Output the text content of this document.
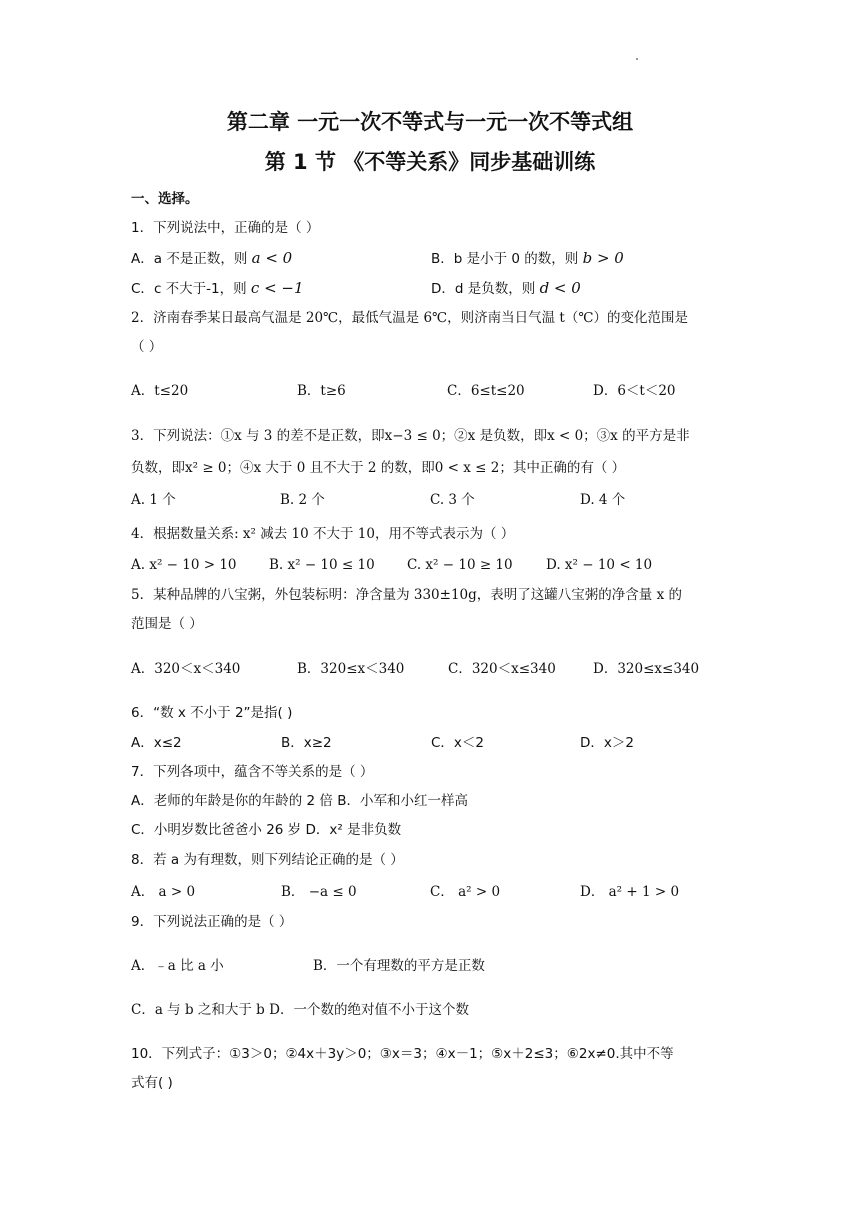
第二章 一元一次不等式与一元一次不等式组
第 1 节 《不等关系》同步基础训练
一、选择。
1．下列说法中，正确的是（ ）
A．a 不是正数，则 a < 0	B．b 是小于 0 的数，则 b > 0
C．c 不大于-1，则 c < −1	D．d 是负数，则 d < 0
2．济南春季某日最高气温是 20℃，最低气温是 6℃，则济南当日气温 t（℃）的变化范围是
（ ）
A．t≤20	B．t≥6	C．6≤t≤20	D．6＜t＜20
3．下列说法：①x 与 3 的差不是正数，即x−3 ≤ 0；②x 是负数，即x < 0；③x 的平方是非
负数，即x² ≥ 0；④x 大于 0 且不大于 2 的数，即0 < x ≤ 2；其中正确的有（ ）
A. 1 个	B. 2 个	C. 3 个	D. 4 个
4．根据数量关系: x² 减去 10 不大于 10，用不等式表示为（ ）
A. x² − 10 > 10 B. x² − 10 ≤ 10 C. x² − 10 ≥ 10 D. x² − 10 < 10
5．某种品牌的八宝粥，外包装标明：净含量为 330±10g，表明了这罐八宝粥的净含量 x 的
范围是（ ）
A．320＜x＜340	B．320≤x＜340	C．320＜x≤340	D．320≤x≤340
6．“数 x 不小于 2”是指( )
A．x≤2	B．x≥2	C．x＜2	D．x＞2
7．下列各项中，蕴含不等关系的是（ ）
A．老师的年龄是你的年龄的 2 倍 B．小军和小红一样高
C．小明岁数比爸爸小 26 岁 D．x² 是非负数
8．若 a 为有理数，则下列结论正确的是（ ）
A． a > 0	B． −a ≤ 0	C． a² > 0	D． a² + 1 > 0
9．下列说法正确的是（ ）
A．﹣a 比 a 小	B．一个有理数的平方是正数
C．a 与 b 之和大于 b D．一个数的绝对值不小于这个数
10．下列式子：①3＞0；②4x＋3y＞0；③x＝3；④x－1；⑤x＋2≤3；⑥2x≠0.其中不等
式有( )
